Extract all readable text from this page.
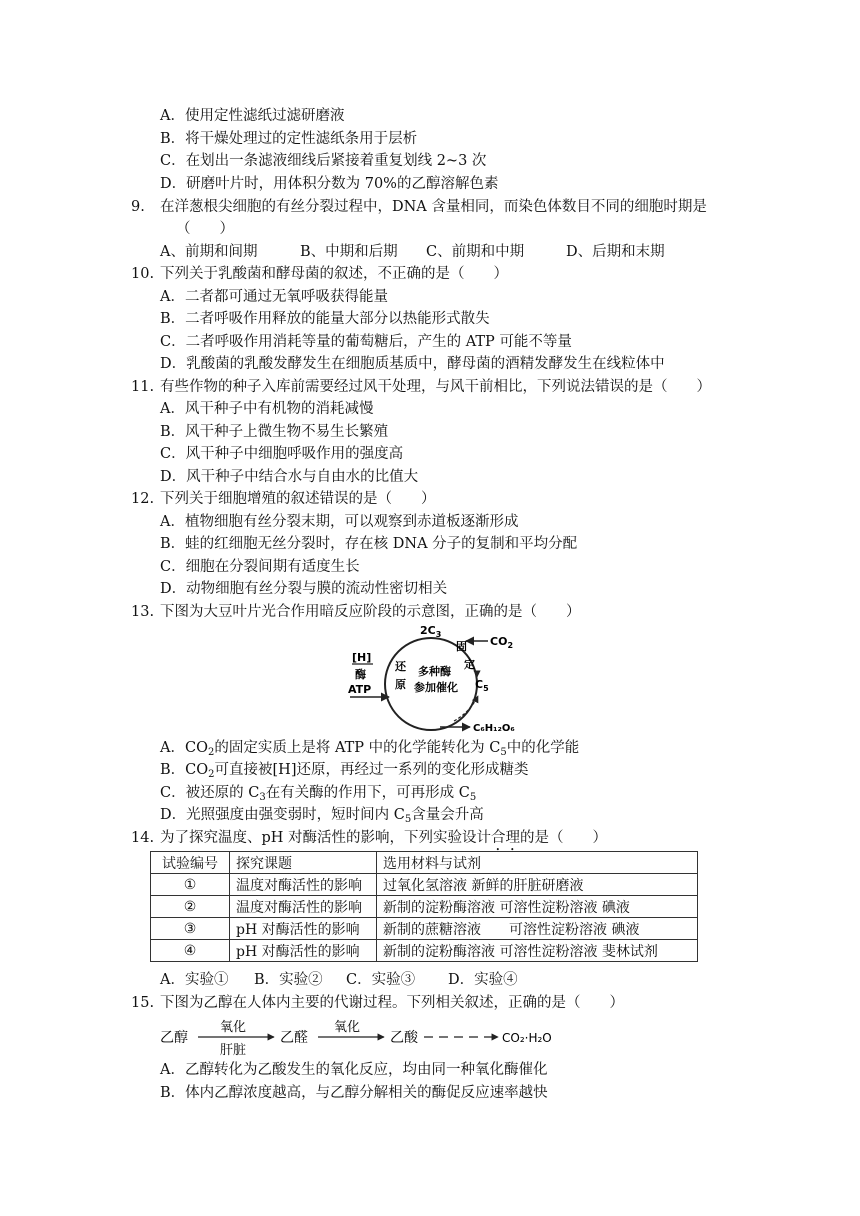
A．使用定性滤纸过滤研磨液
B．将干燥处理过的定性滤纸条用于层析
C．在划出一条滤液细线后紧接着重复划线 2~3 次
D．研磨叶片时，用体积分数为 70%的乙醇溶解色素
9. 在洋葱根尖细胞的有丝分裂过程中，DNA 含量相同，而染色体数目不同的细胞时期是
（　　）
A、前期和间期	B、中期和后期 C、前期和中期	D、后期和末期
10. 下列关于乳酸菌和酵母菌的叙述，不正确的是（　　）
A．二者都可通过无氧呼吸获得能量
B．二者呼吸作用释放的能量大部分以热能形式散失
C．二者呼吸作用消耗等量的葡萄糖后，产生的 ATP 可能不等量
D．乳酸菌的乳酸发酵发生在细胞质基质中，酵母菌的酒精发酵发生在线粒体中
11. 有些作物的种子入库前需要经过风干处理，与风干前相比，下列说法错误的是（　　）
A．风干种子中有机物的消耗减慢
B．风干种子上微生物不易生长繁殖
C．风干种子中细胞呼吸作用的强度高
D．风干种子中结合水与自由水的比值大
12. 下列关于细胞增殖的叙述错误的是（　　）
A．植物细胞有丝分裂末期，可以观察到赤道板逐渐形成
B．蛙的红细胞无丝分裂时，存在核 DNA 分子的复制和平均分配
C．细胞在分裂间期有适度生长
D．动物细胞有丝分裂与膜的流动性密切相关
13. 下图为大豆叶片光合作用暗反应阶段的示意图，正确的是（　　）
$2C_3$
固
定
$CO_2$
[H]
酶
ATP
还
原
多种酶
参加催化 $C_5$
C₆H₁₂O₆
A．$CO_2$的固定实质上是将 ATP 中的化学能转化为 $C_5$中的化学能
B．$CO_2$可直接被[H]还原，再经过一系列的变化形成糖类
C．被还原的 $C_3$在有关酶的作用下，可再形成 $C_5$
D．光照强度由强变弱时，短时间内 $C_5$含量会升高
14. 为了探究温度、pH 对酶活性的影响，下列实验设计合理的是（　　）
试验编号	探究课题	选用材料与试剂
①	温度对酶活性的影响	过氧化氢溶液 新鲜的肝脏研磨液
②	温度对酶活性的影响	新制的淀粉酶溶液 可溶性淀粉溶液 碘液
③	pH 对酶活性的影响	新制的蔗糖溶液　　可溶性淀粉溶液 碘液
④	pH 对酶活性的影响	新制的淀粉酶溶液 可溶性淀粉溶液 斐林试剂
A．实验① B．实验② C．实验③ D．实验④
15. 下图为乙醇在人体内主要的代谢过程。下列相关叙述，正确的是（　　）
乙醇
氧化
肝脏
乙醛
氧化
乙酸	CO₂·H₂O
A．乙醇转化为乙酸发生的氧化反应，均由同一种氧化酶催化
B．体内乙醇浓度越高，与乙醇分解相关的酶促反应速率越快
